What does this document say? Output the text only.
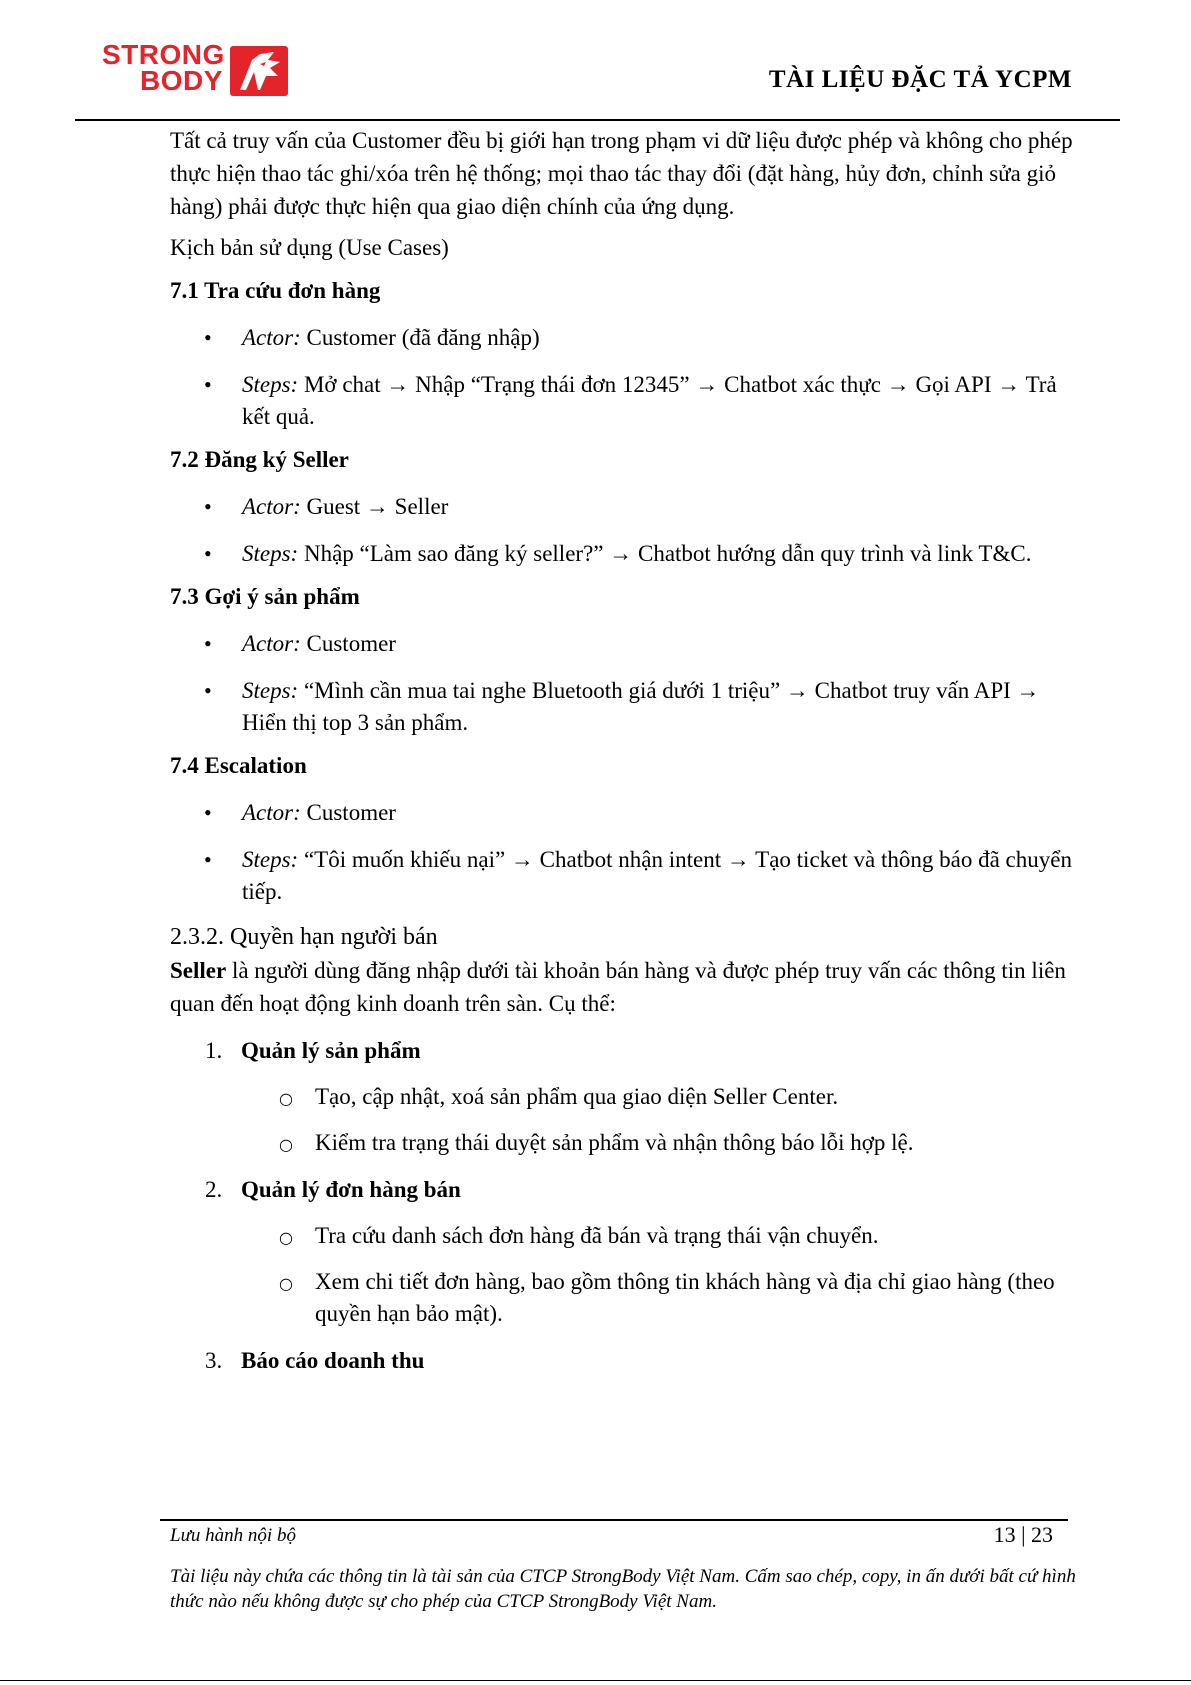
STRONG
BODY	TÀI LIỆU ĐẶC TẢ YCPM

Tất cả truy vấn của Customer đều bị giới hạn trong phạm vi dữ liệu được phép và không cho phép thực hiện thao tác ghi/xóa trên hệ thống; mọi thao tác thay đổi (đặt hàng, hủy đơn, chỉnh sửa giỏ hàng) phải được thực hiện qua giao diện chính của ứng dụng.

Kịch bản sử dụng (Use Cases)

7.1 Tra cứu đơn hàng
• Actor: Customer (đã đăng nhập)
• Steps: Mở chat → Nhập “Trạng thái đơn 12345” → Chatbot xác thực → Gọi API → Trả kết quả.
7.2 Đăng ký Seller
• Actor: Guest → Seller
• Steps: Nhập “Làm sao đăng ký seller?” → Chatbot hướng dẫn quy trình và link T&C.
7.3 Gợi ý sản phẩm
• Actor: Customer
• Steps: “Mình cần mua tai nghe Bluetooth giá dưới 1 triệu” → Chatbot truy vấn API → Hiển thị top 3 sản phẩm.
7.4 Escalation
• Actor: Customer
• Steps: “Tôi muốn khiếu nại” → Chatbot nhận intent → Tạo ticket và thông báo đã chuyển tiếp.
2.3.2. Quyền hạn người bán

Seller là người dùng đăng nhập dưới tài khoản bán hàng và được phép truy vấn các thông tin liên quan đến hoạt động kinh doanh trên sàn. Cụ thể:

1. Quản lý sản phẩm
○ Tạo, cập nhật, xoá sản phẩm qua giao diện Seller Center.
○ Kiểm tra trạng thái duyệt sản phẩm và nhận thông báo lỗi hợp lệ.
2. Quản lý đơn hàng bán
○ Tra cứu danh sách đơn hàng đã bán và trạng thái vận chuyển.
○ Xem chi tiết đơn hàng, bao gồm thông tin khách hàng và địa chỉ giao hàng (theo quyền hạn bảo mật).
3. Báo cáo doanh thu
Lưu hành nội bộ	13 | 23
Tài liệu này chứa các thông tin là tài sản của CTCP StrongBody Việt Nam. Cấm sao chép, copy, in ấn dưới bất cứ hình thức nào nếu không được sự cho phép của CTCP StrongBody Việt Nam.
